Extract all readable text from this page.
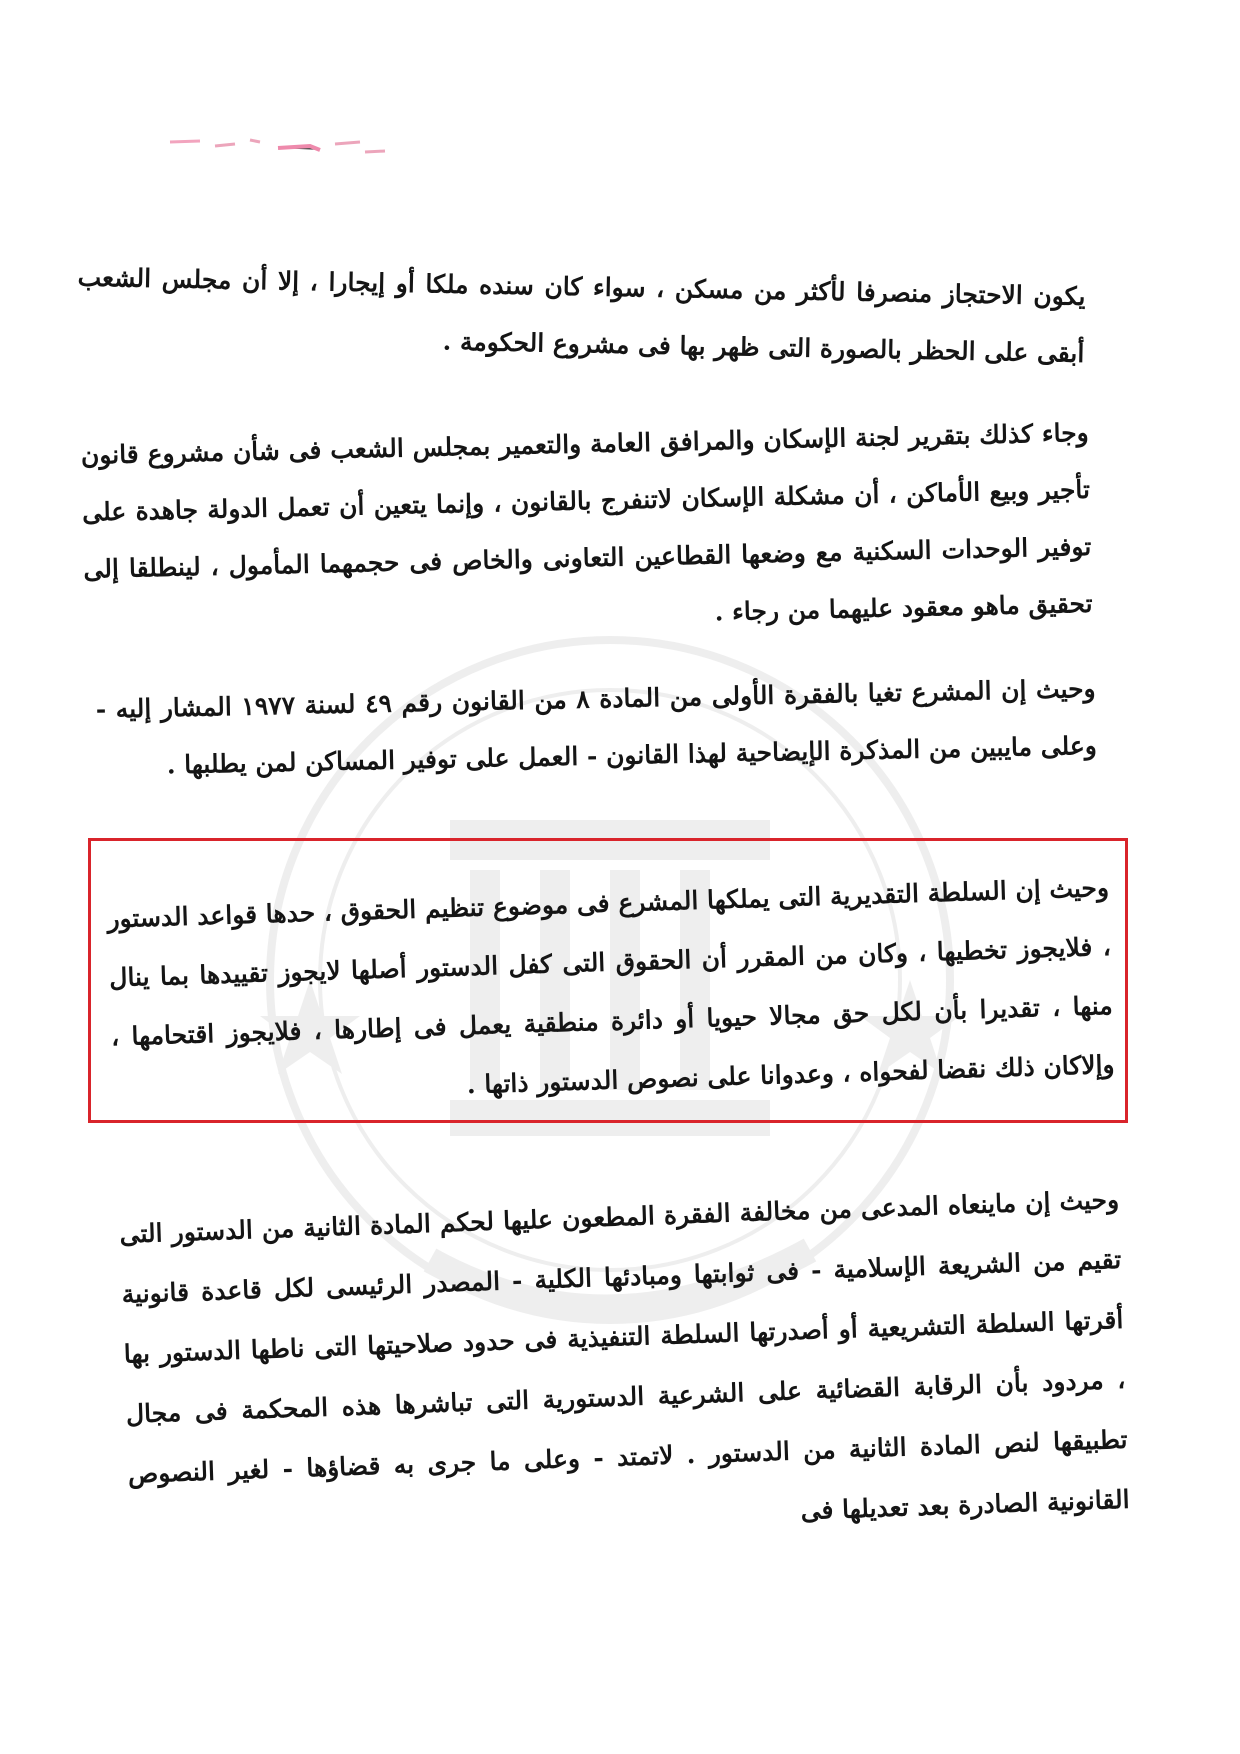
يكون الاحتجاز منصرفا لأكثر من مسكن ، سواء كان سنده ملكا أو إيجارا ، إلا أن مجلس الشعب أبقى على الحظر بالصورة التى ظهر بها فى مشروع الحكومة .

وجاء كذلك بتقرير لجنة الإسكان والمرافق العامة والتعمير بمجلس الشعب فى شأن مشروع قانون تأجير وبيع الأماكن ، أن مشكلة الإسكان لاتنفرج بالقانون ، وإنما يتعين أن تعمل الدولة جاهدة على توفير الوحدات السكنية مع وضعها القطاعين التعاونى والخاص فى حجمهما المأمول ، لينطلقا إلى تحقيق ماهو معقود عليهما من رجاء .

وحيث إن المشرع تغيا بالفقرة الأولى من المادة ٨ من القانون رقم ٤٩ لسنة ١٩٧٧ المشار إليه - وعلى مايبين من المذكرة الإيضاحية لهذا القانون - العمل على توفير المساكن لمن يطلبها .

وحيث إن السلطة التقديرية التى يملكها المشرع فى موضوع تنظيم الحقوق ، حدها قواعد الدستور ، فلايجوز تخطيها ، وكان من المقرر أن الحقوق التى كفل الدستور أصلها لايجوز تقييدها بما ينال منها ، تقديرا بأن لكل حق مجالا حيويا أو دائرة منطقية يعمل فى إطارها ، فلايجوز اقتحامها ، وإلاكان ذلك نقضا لفحواه ، وعدوانا على نصوص الدستور ذاتها .

وحيث إن ماينعاه المدعى من مخالفة الفقرة المطعون عليها لحكم المادة الثانية من الدستور التى تقيم من الشريعة الإسلامية - فى ثوابتها ومبادئها الكلية - المصدر الرئيسى لكل قاعدة قانونية أقرتها السلطة التشريعية أو أصدرتها السلطة التنفيذية فى حدود صلاحيتها التى ناطها الدستور بها ، مردود بأن الرقابة القضائية على الشرعية الدستورية التى تباشرها هذه المحكمة فى مجال تطبيقها لنص المادة الثانية من الدستور . لاتمتد - وعلى ما جرى به قضاؤها - لغير النصوص القانونية الصادرة بعد تعديلها فى
